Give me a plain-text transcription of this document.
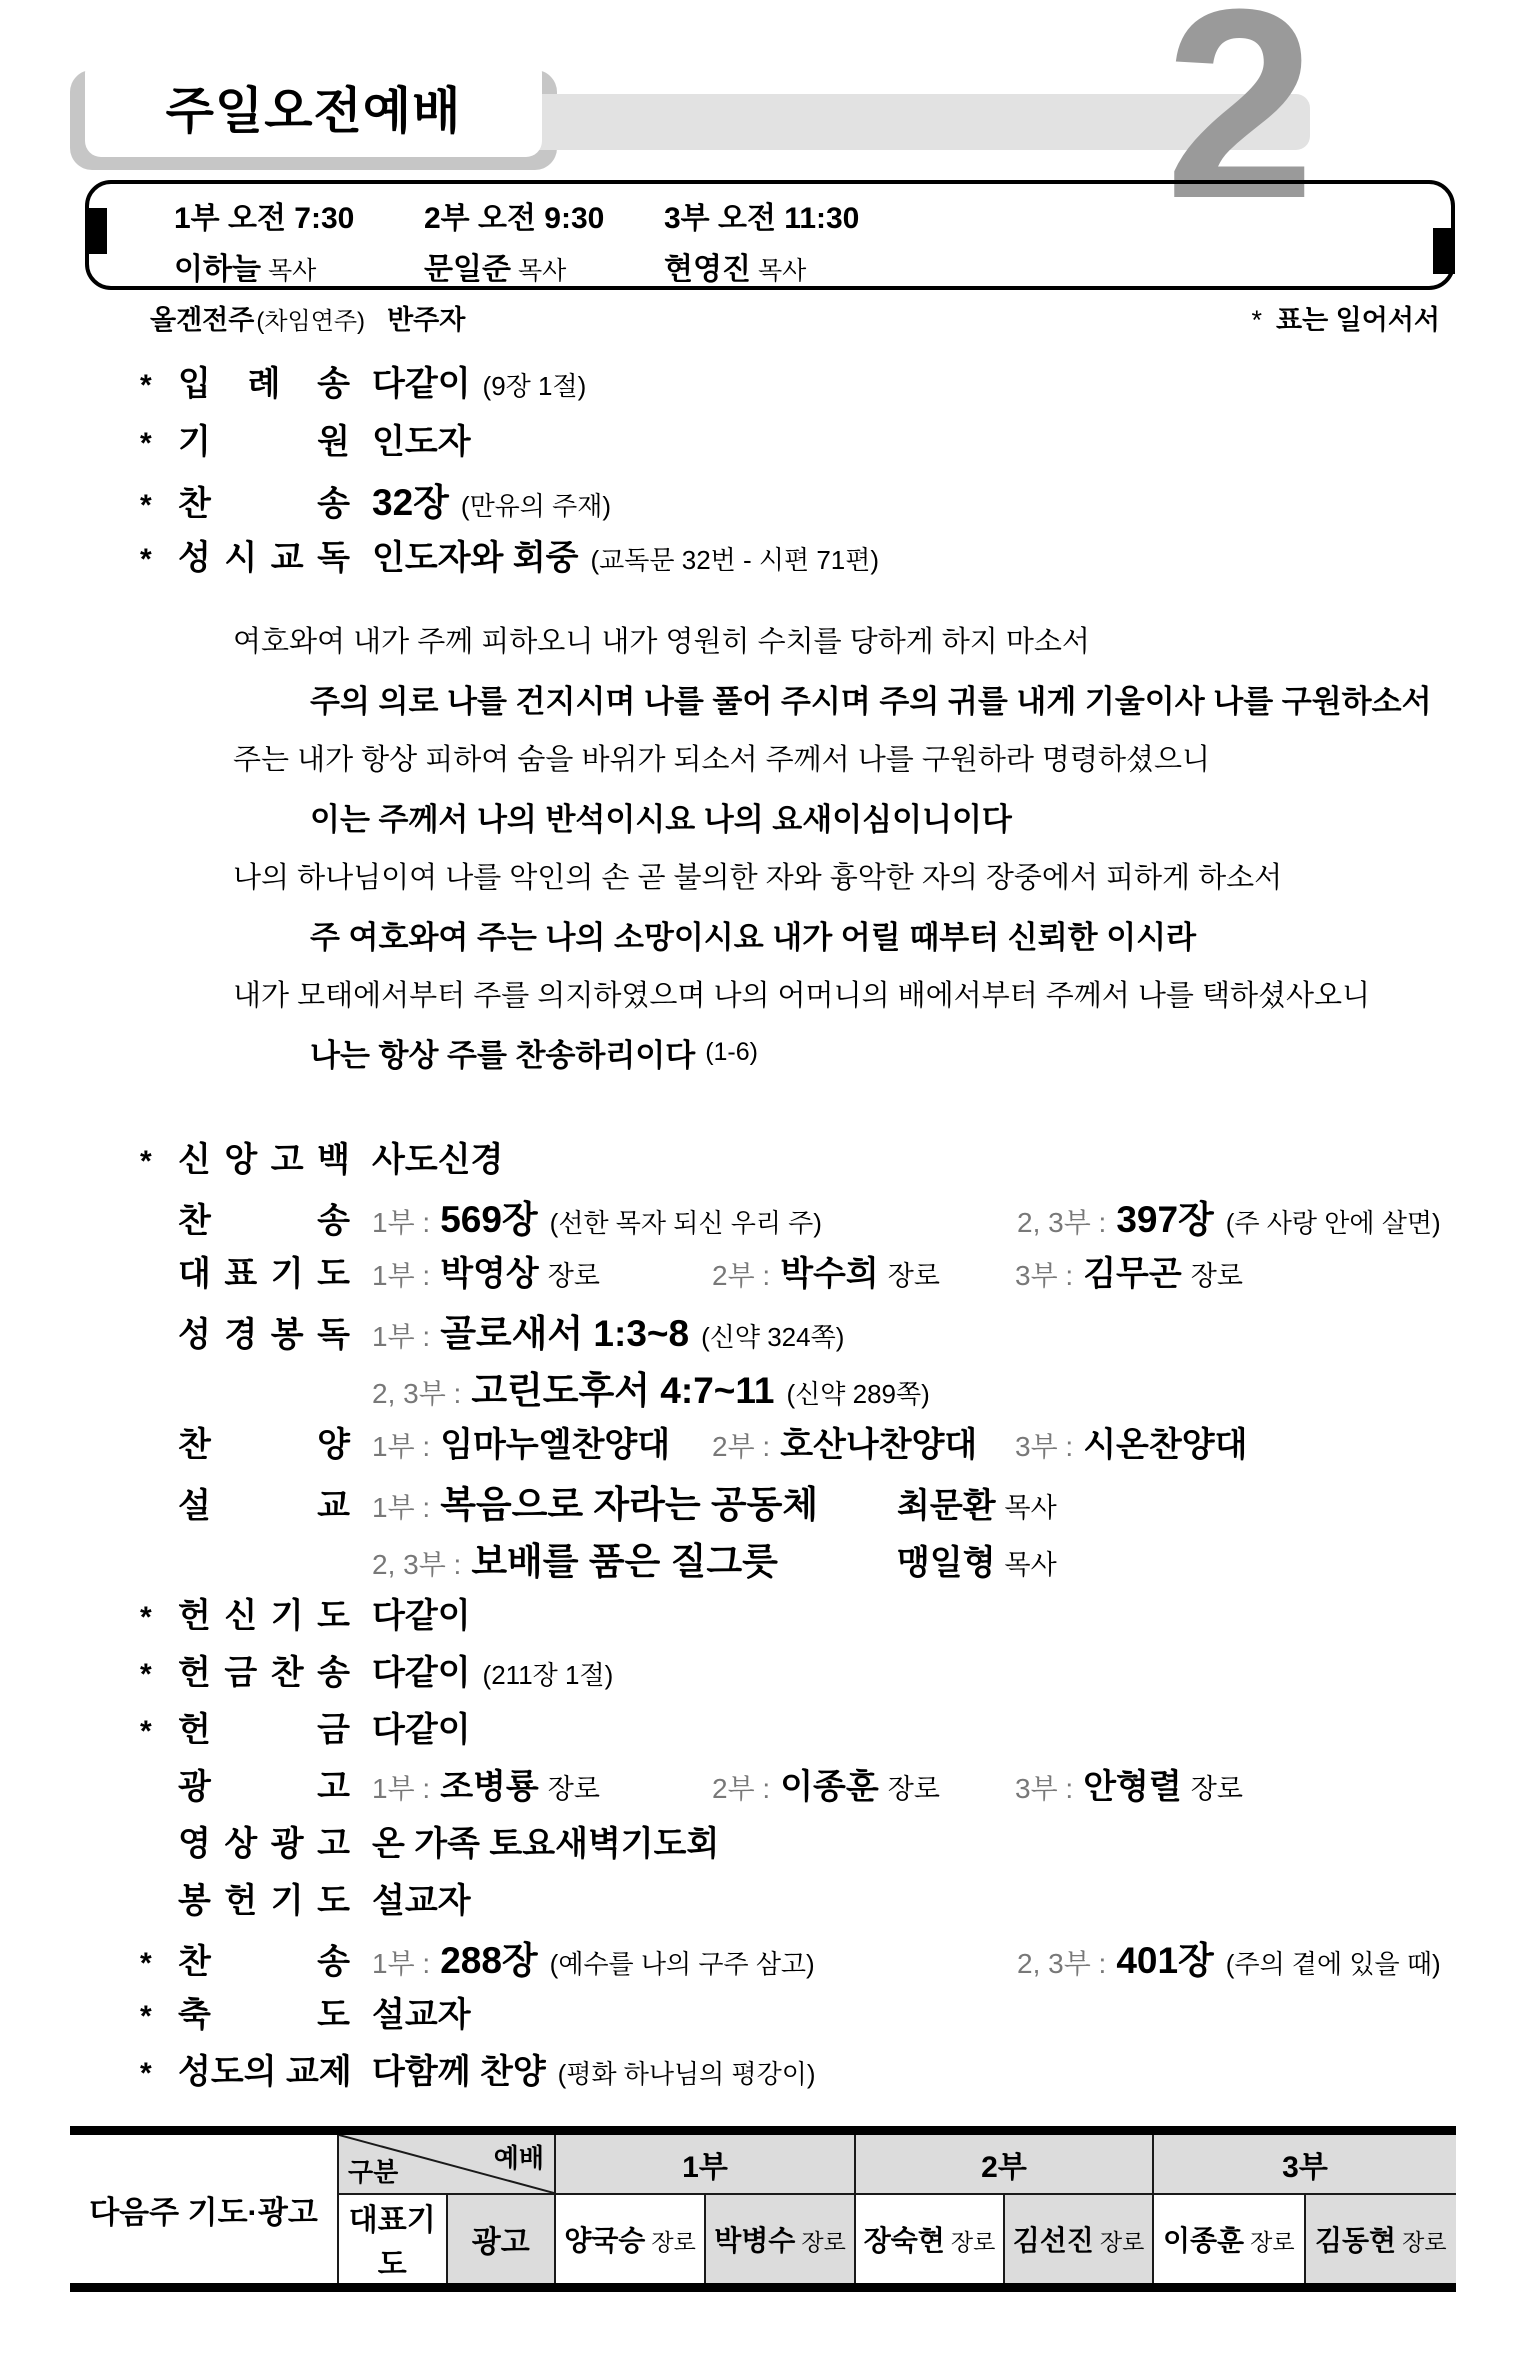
주일오전예배	2
1부 오전 7:30
이하늘 목사
2부 오전 9:30
문일준 목사
3부 오전 11:30
현영진 목사
올겐전주 (차임연주) 반주자	* 표는 일어서서
* 입 례 송 다같이 (9장 1절)
* 기 원 인도자
* 찬 송 32장 (만유의 주재)
* 성 시 교 독 인도자와 회중 (교독문 32번 - 시편 71편)
여호와여 내가 주께 피하오니 내가 영원히 수치를 당하게 하지 마소서
주의 의로 나를 건지시며 나를 풀어 주시며 주의 귀를 내게 기울이사 나를 구원하소서
주는 내가 항상 피하여 숨을 바위가 되소서 주께서 나를 구원하라 명령하셨으니
이는 주께서 나의 반석이시요 나의 요새이심이니이다
나의 하나님이여 나를 악인의 손 곧 불의한 자와 흉악한 자의 장중에서 피하게 하소서
주 여호와여 주는 나의 소망이시요 내가 어릴 때부터 신뢰한 이시라
내가 모태에서부터 주를 의지하였으며 나의 어머니의 배에서부터 주께서 나를 택하셨사오니
나는 항상 주를 찬송하리이다 (1-6)
* 신 앙 고 백 사도신경
찬 송 1부 : 569장 (선한 목자 되신 우리 주)	2, 3부 : 397장 (주 사랑 안에 살면)
대 표 기 도 1부 : 박영상 장로	2부 : 박수희 장로	3부 : 김무곤 장로
성 경 봉 독 1부 : 골로새서 1:3~8 (신약 324쪽)
2, 3부 : 고린도후서 4:7~11 (신약 289쪽)
찬 양 1부 : 임마누엘찬양대	2부 : 호산나찬양대	3부 : 시온찬양대
설 교 1부 : 복음으로 자라는 공동체	최문환 목사
2, 3부 : 보배를 품은 질그릇	맹일형 목사
* 헌 신 기 도 다같이
* 헌 금 찬 송 다같이 (211장 1절)
* 헌 금 다같이
광 고 1부 : 조병룡 장로	2부 : 이종훈 장로	3부 : 안형렬 장로
영 상 광 고 온 가족 토요새벽기도회
봉 헌 기 도 설교자
* 찬 송 1부 : 288장 (예수를 나의 구주 삼고)	2, 3부 : 401장 (주의 곁에 있을 때)
* 축 도 설교자
* 성도의 교제 다함께 찬양 (평화 하나님의 평강이)
다음주 기도·광고	예배
구분		1부		2부		3부	
	대표기도	광고	양국승 장로	박병수 장로	장숙현 장로	김선진 장로	이종훈 장로	김동현 장로
